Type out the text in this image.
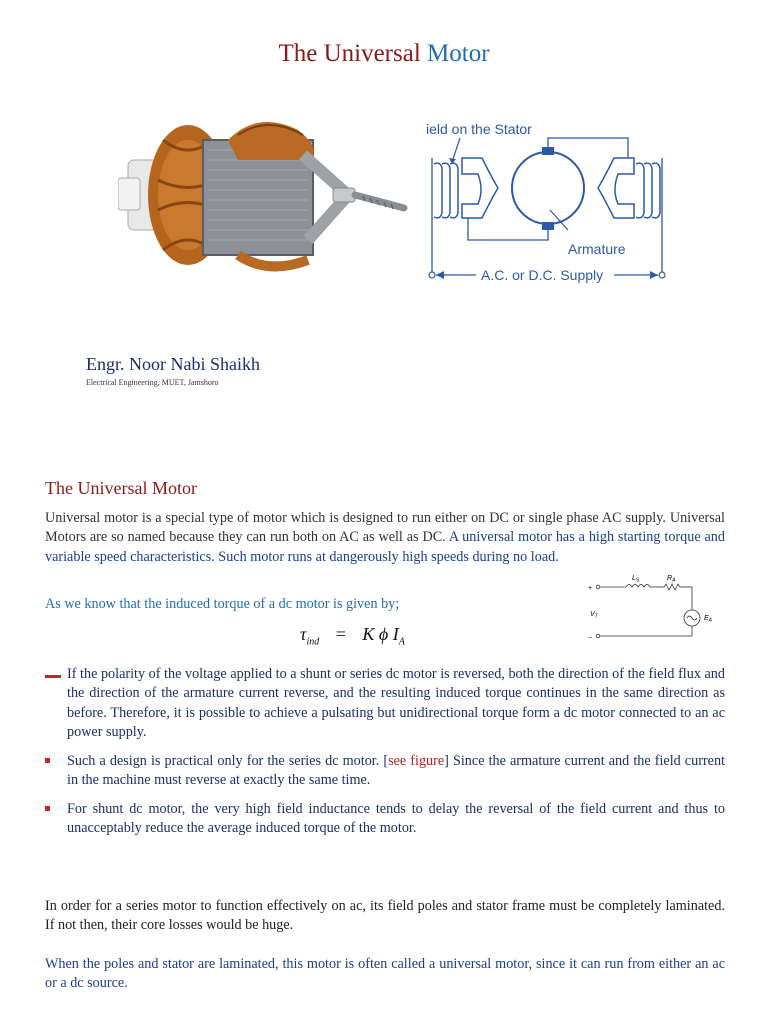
The Universal Motor
ield on the Stator
Armature
A.C. or D.C. Supply
Engr. Noor Nabi Shaikh
Electrical Engineering, MUET, Jamshoro
The Universal Motor
Universal motor is a special type of motor which is designed to run either on DC or single phase AC supply. Universal Motors are so named because they can run both on AC as well as DC. A universal motor has a high starting torque and variable speed characteristics. Such motor runs at dangerously high speeds during no load.
As we know that the induced torque of a dc motor is given by;
$\tau_{ind} = K$ ϕ $I_A$
+
−
$L_S$	$R_A$
$V_T$	$E_A$
If the polarity of the voltage applied to a shunt or series dc motor is reversed, both the direction of the field flux and the direction of the armature current reverse, and the resulting induced torque continues in the same direction as before. Therefore, it is possible to achieve a pulsating but unidirectional torque form a dc motor connected to an ac power supply.
Such a design is practical only for the series dc motor. [see figure] Since the armature current and the field current in the machine must reverse at exactly the same time.
For shunt dc motor, the very high field inductance tends to delay the reversal of the field current and thus to unacceptably reduce the average induced torque of the motor.
In order for a series motor to function effectively on ac, its field poles and stator frame must be completely laminated. If not then, their core losses would be huge.
When the poles and stator are laminated, this motor is often called a universal motor, since it can run from either an ac or a dc source.
